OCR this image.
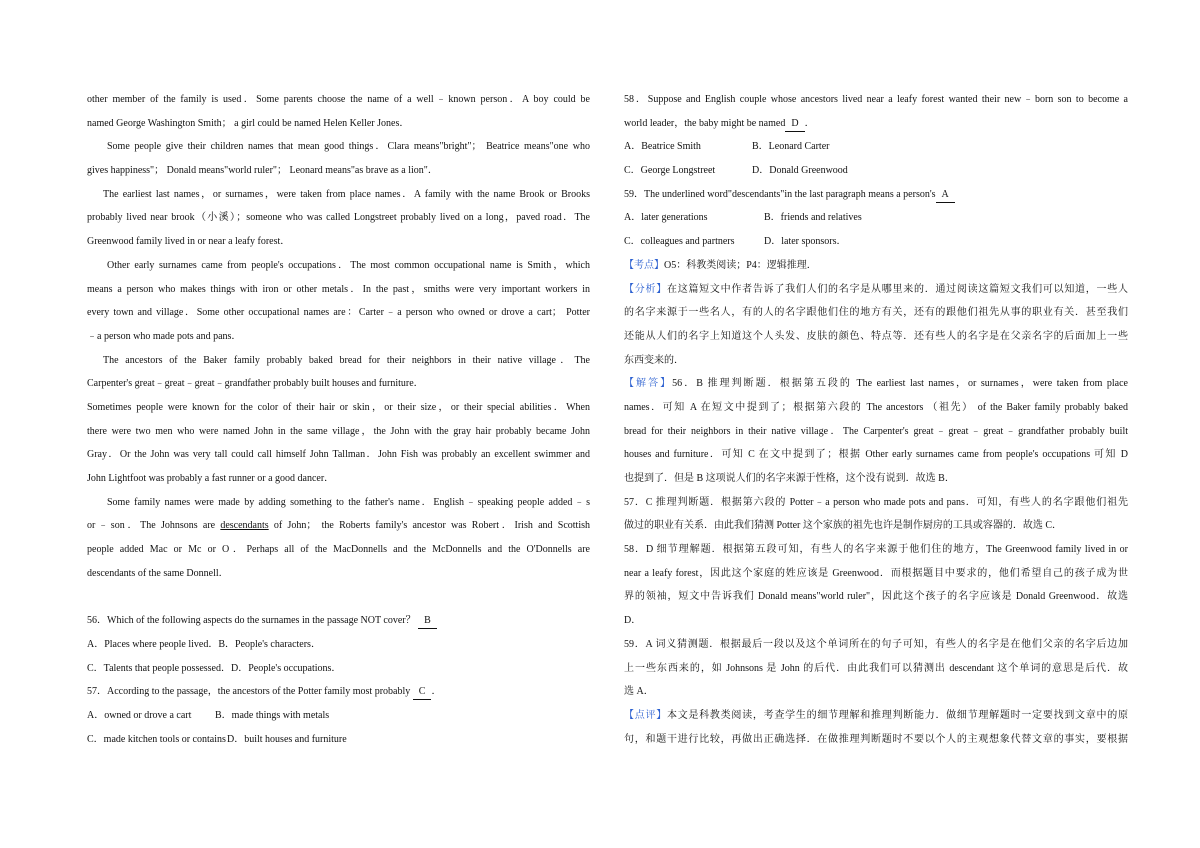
other member of the family is used．Some parents choose the name of a well﹣known person．A boy could be
named George Washington Smith； a girl could be named Helen Keller Jones．
Some people give their children names that mean good things．Clara means"bright"； Beatrice means"one who
gives happiness"； Donald means"world ruler"； Leonard means"as brave as a lion"．
The earliest last names，or surnames，were taken from place names．A family with the name Brook or Brooks
probably lived near brook（小溪）；someone who was called Longstreet probably lived on a long，paved road．The
Greenwood family lived in or near a leafy forest．
Other early surnames came from people's occupations．The most common occupational name is Smith，which
means a person who makes things with iron or other metals．In the past，smiths were very important workers in
every town and village．Some other occupational names are：Carter﹣a person who owned or drove a cart； Potter
﹣a person who made pots and pans．
The ancestors of the Baker family probably baked bread for their neighbors in their native village．The
Carpenter's great﹣great﹣great﹣grandfather probably built houses and furniture．
Sometimes people were known for the color of their hair or skin，or their size，or their special abilities．When
there were two men who were named John in the same village，the John with the gray hair probably became John
Gray．Or the John was very tall could call himself John Tallman．John Fish was probably an excellent swimmer and
John Lightfoot was probably a fast runner or a good dancer．
Some family names were made by adding something to the father's name．English﹣speaking people added﹣s
or﹣son．The Johnsons are descendants of John； the Roberts family's ancestor was Robert．Irish and Scottish
people added Mac or Mc or O．Perhaps all of the MacDonnells and the McDonnells and the O'Donnells are
descendants of the same Donnell．
56．Which of the following aspects do the surnames in the passage NOT cover？ B
A．Places where people lived．B．People's characters．
C．Talents that people possessed．D．People's occupations．
57．According to the passage，the ancestors of the Potter family most probably C ．
A．owned or drove a cart B．made things with metals
C．made kitchen tools or containsD．built houses and furniture
58．Suppose and English couple whose ancestors lived near a leafy forest wanted their new﹣born son to become a
world leader，the baby might be named D ．
A．Beatrice Smith	B．Leonard Carter
C．George Longstreet	D．Donald Greenwood
59．The underlined word"descendants"in the last paragraph means a person's A
A．later generations	B．friends and relatives
C．colleagues and partners	D．later sponsors．
【考点】O5：科教类阅读；P4：逻辑推理．
【分析】在这篇短文中作者告诉了我们人们的名字是从哪里来的．通过阅读这篇短文我们可以知道，一些人
的名字来源于一些名人，有的人的名字跟他们住的地方有关，还有的跟他们祖先从事的职业有关．甚至我们
还能从人们的名字上知道这个人头发、皮肤的颜色、特点等．还有些人的名字是在父亲名字的后面加上一些
东西变来的．
【解答】56．B 推理判断题．根据第五段的 The earliest last names，or surnames，were taken from place
names．可知 A 在短文中提到了；根据第六段的 The ancestors （祖先） of the Baker family probably baked
bread for their neighbors in their native village．The Carpenter's great﹣great﹣great﹣grandfather probably built
houses and furniture．可知 C 在文中提到了；根据 Other early surnames came from people's occupations 可知 D
也提到了．但是 B 这项说人们的名字来源于性格，这个没有说到．故选 B．
57．C 推理判断题．根据第六段的 Potter﹣a person who made pots and pans．可知，有些人的名字跟他们祖先
做过的职业有关系．由此我们猜测 Potter 这个家族的祖先也许是制作厨房的工具或容器的．故选 C．
58．D 细节理解题．根据第五段可知，有些人的名字来源于他们住的地方，The Greenwood family lived in or
near a leafy forest，因此这个家庭的姓应该是 Greenwood．而根据题目中要求的，他们希望自己的孩子成为世
界的领袖，短文中告诉我们 Donald means"world ruler"，因此这个孩子的名字应该是 Donald Greenwood．故选
D．
59．A 词义猜测题．根据最后一段以及这个单词所在的句子可知，有些人的名字是在他们父亲的名字后边加
上一些东西来的，如 Johnsons 是 John 的后代．由此我们可以猜测出 descendant 这个单词的意思是后代．故
选 A．
【点评】本文是科教类阅读，考查学生的细节理解和推理判断能力．做细节理解题时一定要找到文章中的原
句，和题干进行比较，再做出正确选择．在做推理判断题时不要以个人的主观想象代替文章的事实，要根据
